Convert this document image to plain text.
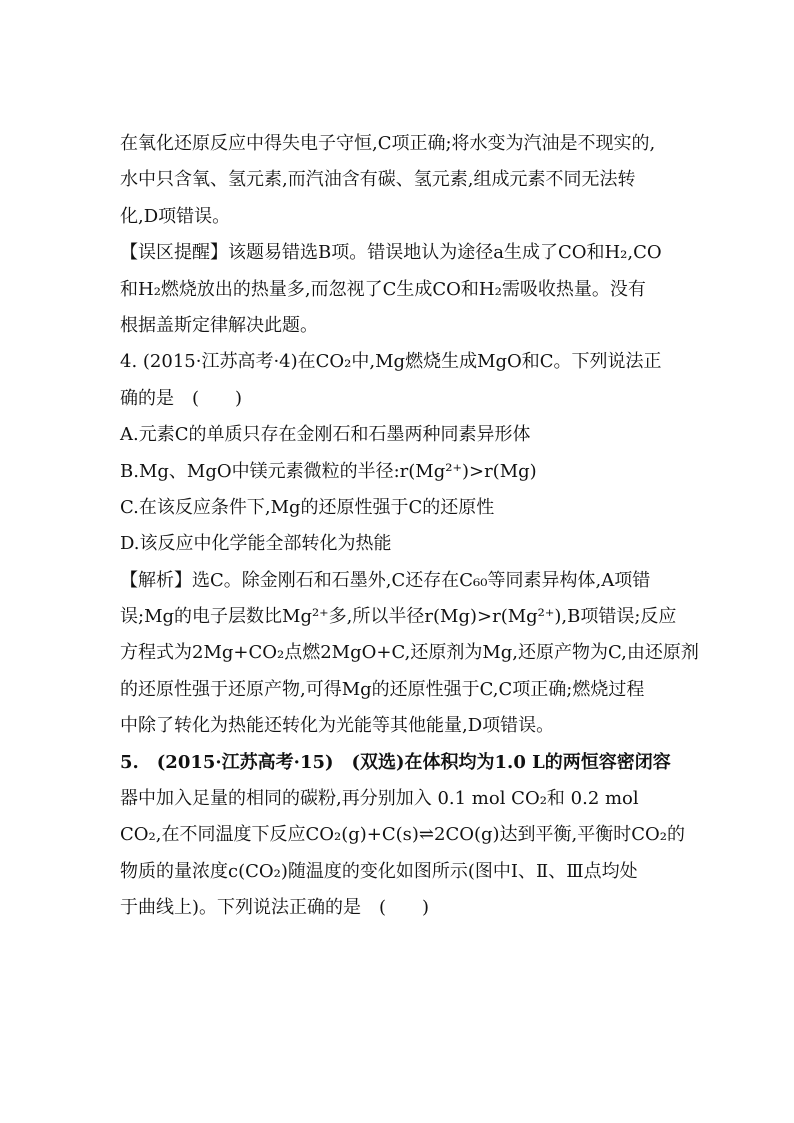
在氧化还原反应中得失电子守恒,C项正确;将水变为汽油是不现实的,
水中只含氧、氢元素,而汽油含有碳、氢元素,组成元素不同无法转
化,D项错误。
【误区提醒】该题易错选B项。错误地认为途径a生成了CO和H₂,CO
和H₂燃烧放出的热量多,而忽视了C生成CO和H₂需吸收热量。没有
根据盖斯定律解决此题。
4. (2015·江苏高考·4)在CO₂中,Mg燃烧生成MgO和C。下列说法正
确的是　(　　)
A.元素C的单质只存在金刚石和石墨两种同素异形体
B.Mg、MgO中镁元素微粒的半径:r(Mg²⁺)>r(Mg)
C.在该反应条件下,Mg的还原性强于C的还原性
D.该反应中化学能全部转化为热能
【解析】选C。除金刚石和石墨外,C还存在C₆₀等同素异构体,A项错
误;Mg的电子层数比Mg²⁺多,所以半径r(Mg)>r(Mg²⁺),B项错误;反应
方程式为2Mg+CO₂点燃2MgO+C,还原剂为Mg,还原产物为C,由还原剂
的还原性强于还原产物,可得Mg的还原性强于C,C项正确;燃烧过程
中除了转化为热能还转化为光能等其他能量,D项错误。
5.　(2015·江苏高考·15)　(双选)在体积均为1.0 L的两恒容密闭容
器中加入足量的相同的碳粉,再分别加入 0.1 mol CO₂和 0.2 mol
CO₂,在不同温度下反应CO₂(g)+C(s)⇌2CO(g)达到平衡,平衡时CO₂的
物质的量浓度c(CO₂)随温度的变化如图所示(图中Ⅰ、Ⅱ、Ⅲ点均处
于曲线上)。下列说法正确的是　(　　)
